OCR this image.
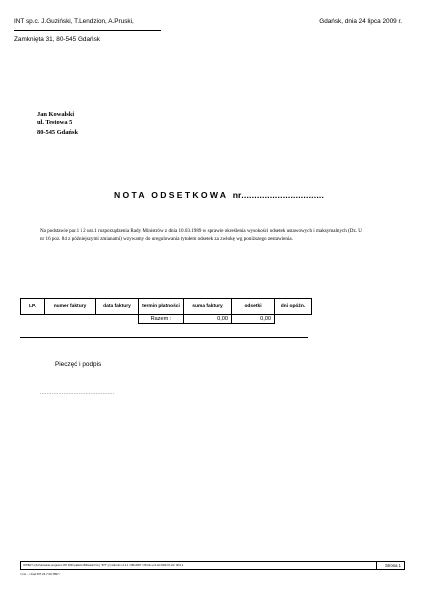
INT sp.c. J.Guziński, T.Lendzion, A.Pruski,
Zamknięta 31, 80-545 Gdańsk
Gdańsk, dnia 24 lipca 2009 r.
Jan Kowalski
ul. Testowa 5
80-545 Gdańsk
NOTA ODSETKOWA nr................................
Na podstawie par.1 i 2 ust.1 rozporządzenia Rady Ministrów z dnia 10.03.1989 w sprawie określenia wysokości odsetek ustawowych i maksymalnych (Dz. U nr 16 poz. 84 z późniejszymi zmianami) wzywamy do uregulowania tytułem odsetek za zwłokę wg poniższego zestawienia.
LP.	numer faktury	data faktury	termin płatności	suma faktury	odsetki	dni opóźn.
			Razem :	0,00	0,00	
Pieczęć i podpis
............................................
INT:BHT (c)Uzykowanie programu INT 2003 pakietu Biblioteki firmy "INT" (c) wiki.intl.x.2.3.1 / 080-0007 / 08-01+vv.0.42 2009-07-24 / 00:0 a	Strona 1
/ nnn... /-Kod:INT 24-7 00-7897 /
